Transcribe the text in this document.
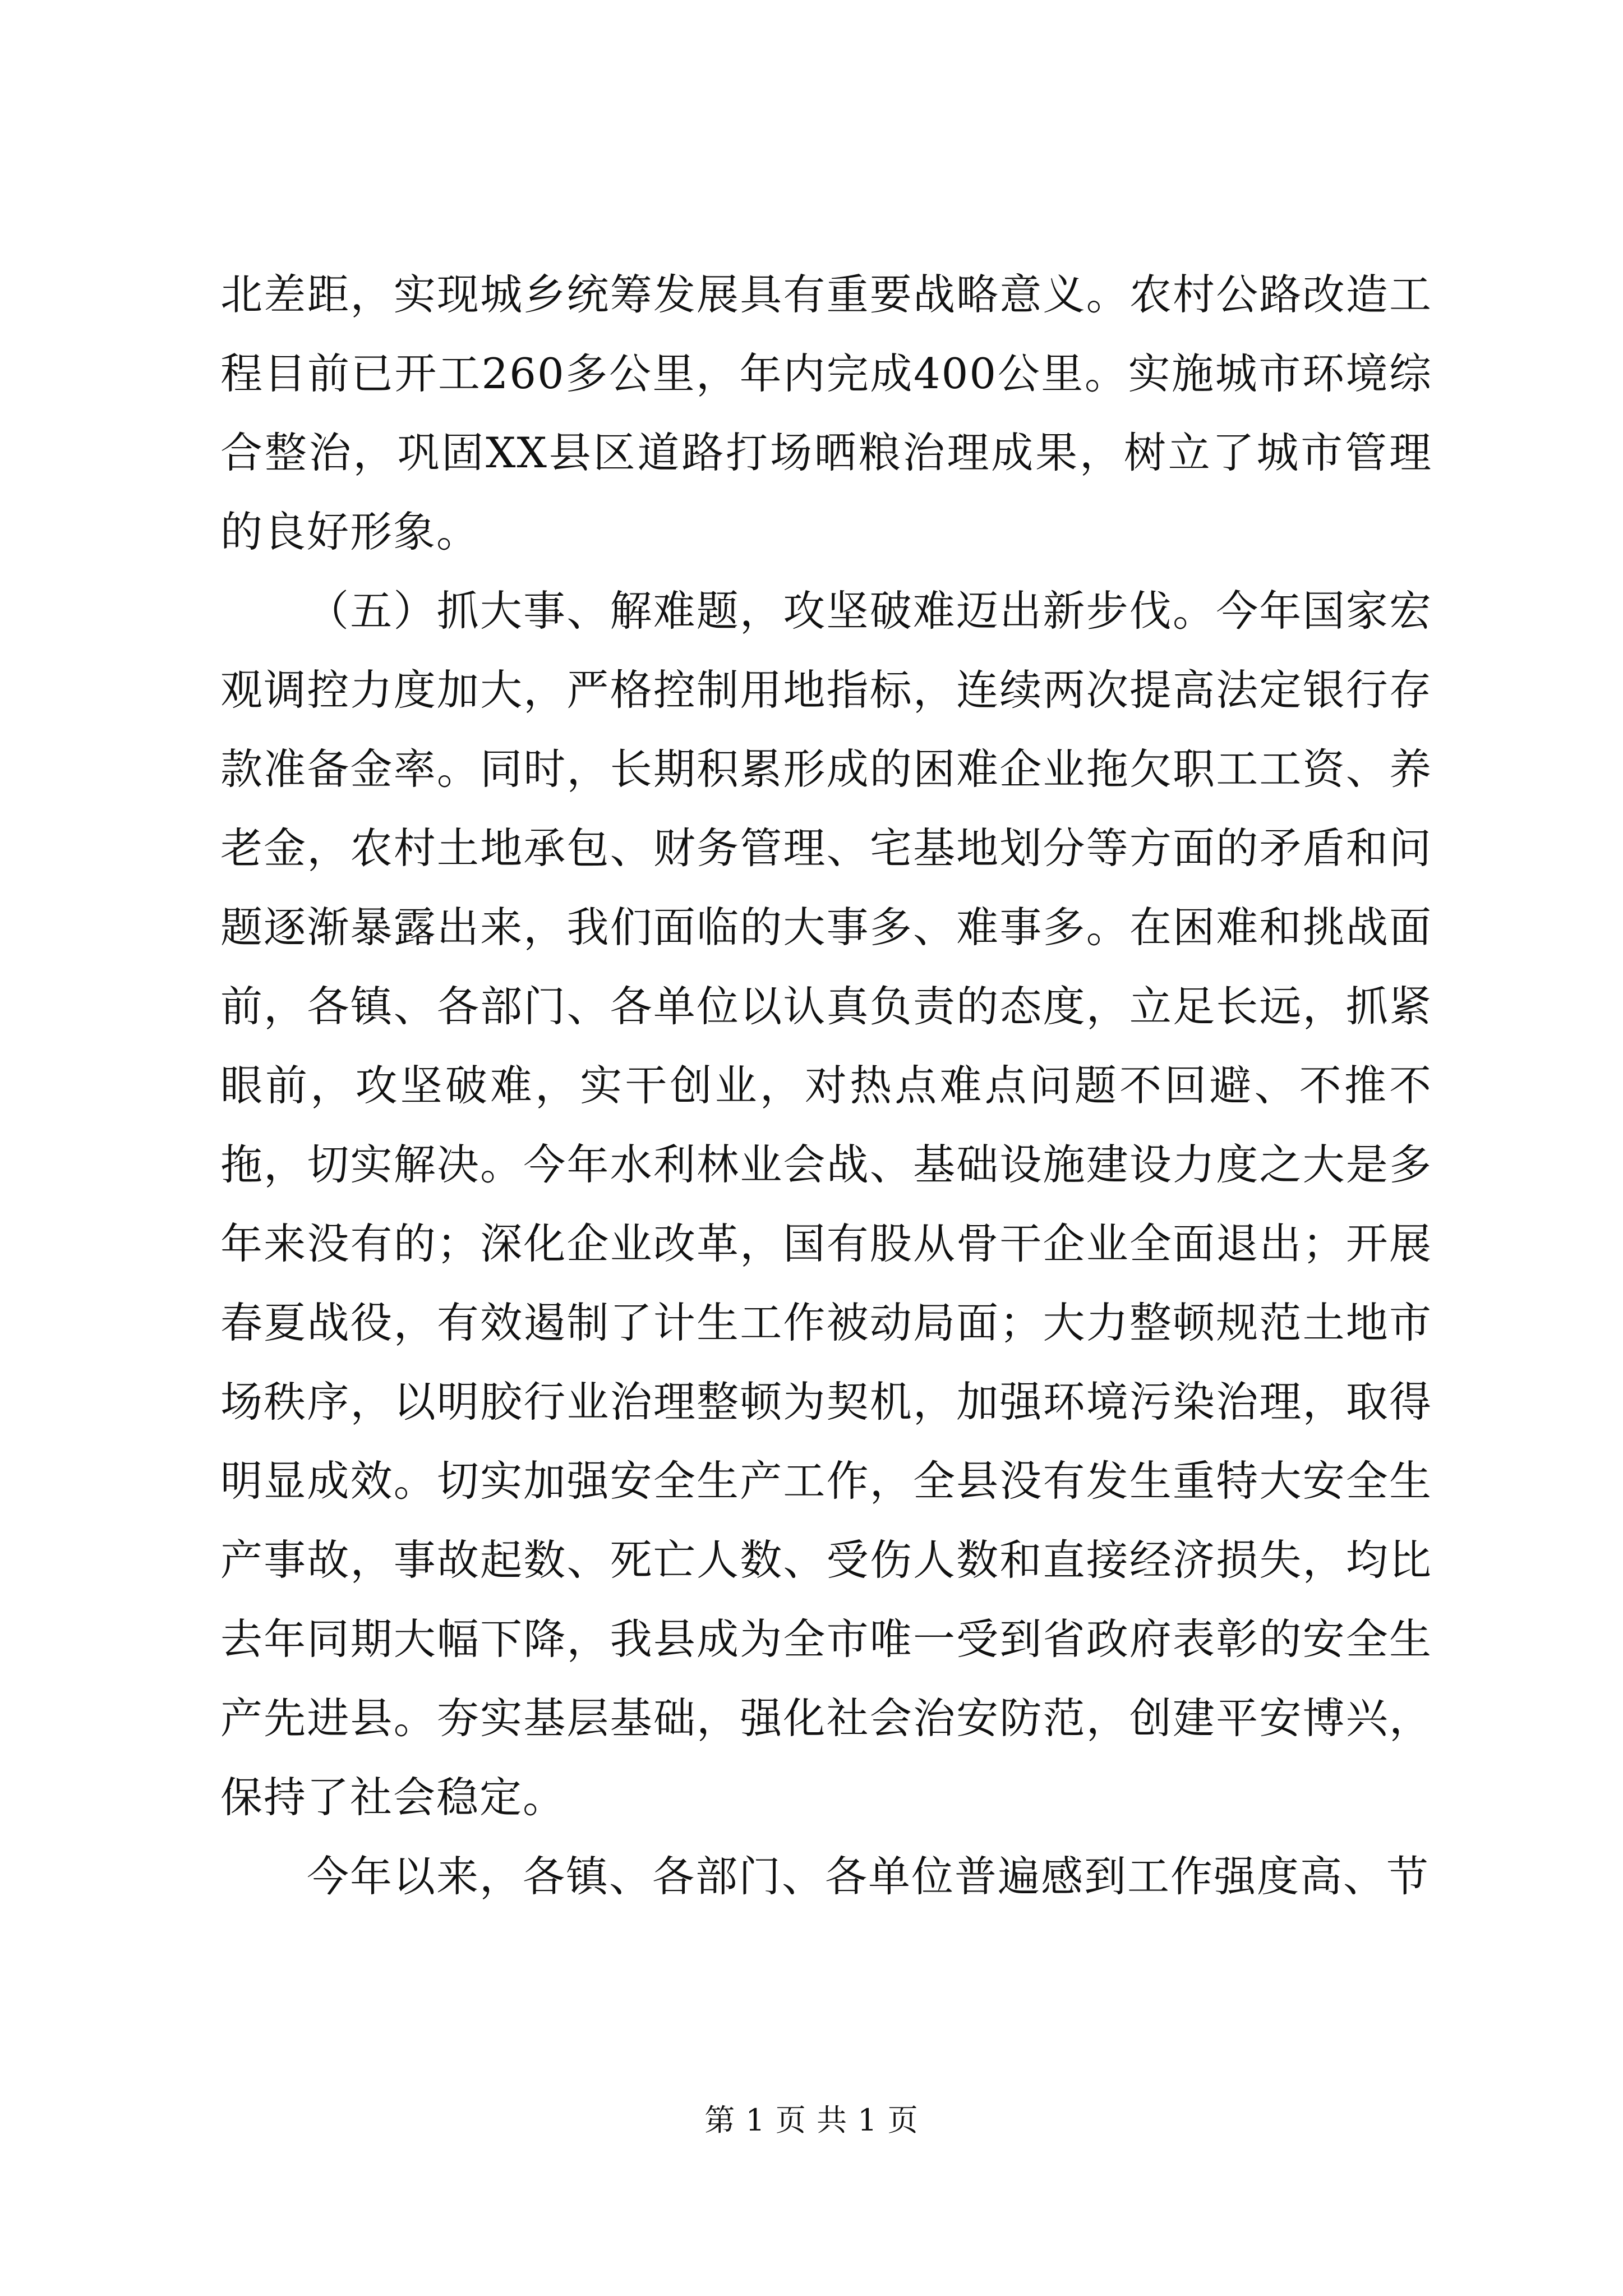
北差距，实现城乡统筹发展具有重要战略意义。农村公路改造工程目前已开工260多公里，年内完成400公里。实施城市环境综合整治，巩固XX县区道路打场晒粮治理成果，树立了城市管理的良好形象。

（五）抓大事、解难题，攻坚破难迈出新步伐。今年国家宏观调控力度加大，严格控制用地指标，连续两次提高法定银行存款准备金率。同时，长期积累形成的困难企业拖欠职工工资、养老金，农村土地承包、财务管理、宅基地划分等方面的矛盾和问题逐渐暴露出来，我们面临的大事多、难事多。在困难和挑战面前，各镇、各部门、各单位以认真负责的态度，立足长远，抓紧眼前，攻坚破难，实干创业，对热点难点问题不回避、不推不拖，切实解决。今年水利林业会战、基础设施建设力度之大是多年来没有的；深化企业改革，国有股从骨干企业全面退出；开展春夏战役，有效遏制了计生工作被动局面；大力整顿规范土地市场秩序，以明胶行业治理整顿为契机，加强环境污染治理，取得明显成效。切实加强安全生产工作，全县没有发生重特大安全生产事故，事故起数、死亡人数、受伤人数和直接经济损失，均比去年同期大幅下降，我县成为全市唯一受到省政府表彰的安全生产先进县。夯实基层基础，强化社会治安防范，创建平安博兴，保持了社会稳定。

今年以来，各镇、各部门、各单位普遍感到工作强度高、节

第 1 页 共 1 页
